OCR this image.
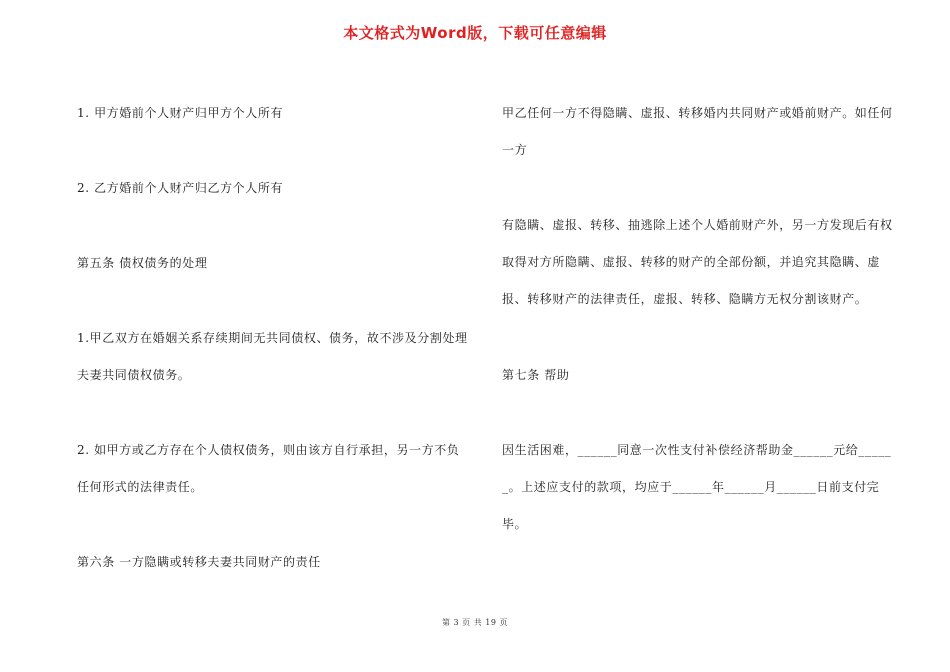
本文格式为Word版，下载可任意编辑
1. 甲方婚前个人财产归甲方个人所有
2. 乙方婚前个人财产归乙方个人所有
第五条 债权债务的处理
1.甲乙双方在婚姻关系存续期间无共同债权、债务，故不涉及分割处理夫妻共同债权债务。
2. 如甲方或乙方存在个人债权债务，则由该方自行承担，另一方不负任何形式的法律责任。
第六条 一方隐瞒或转移夫妻共同财产的责任
甲乙任何一方不得隐瞒、虚报、转移婚内共同财产或婚前财产。如任何一方
有隐瞒、虚报、转移、抽逃除上述个人婚前财产外，另一方发现后有权取得对方所隐瞒、虚报、转移的财产的全部份额，并追究其隐瞒、虚报、转移财产的法律责任，虚报、转移、隐瞒方无权分割该财产。
第七条 帮助
因生活困难，______同意一次性支付补偿经济帮助金______元给______。上述应支付的款项，均应于______年______月______日前支付完毕。
第 3 页 共 19 页
